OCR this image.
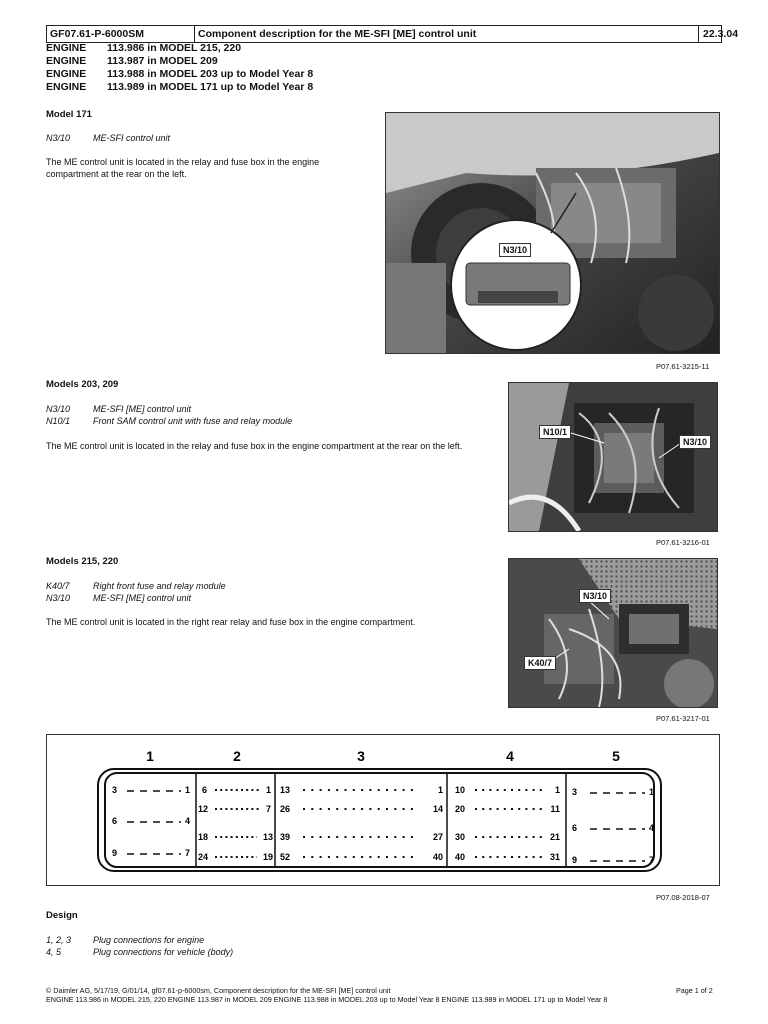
GF07.61-P-6000SM	Component description for the ME-SFI [ME] control unit	22.3.04
ENGINE 113.986 in MODEL 215, 220
ENGINE 113.987 in MODEL 209
ENGINE 113.988 in MODEL 203 up to Model Year 8
ENGINE 113.989 in MODEL 171 up to Model Year 8
Model 171
N3/10	ME-SFI control unit
The ME control unit is located in the relay and fuse box in the engine compartment at the rear on the left.
N3/10
P07.61-3215-11
Models 203, 209
N3/10	ME-SFI [ME] control unit
N10/1	Front SAM control unit with fuse and relay module
The ME control unit is located in the relay and fuse box in the engine compartment at the rear on the left.
N10/1
N3/10
P07.61-3216-01
Models 215, 220
K40/7	Right front fuse and relay module
N3/10	ME-SFI [ME] control unit
The ME control unit is located in the right rear relay and fuse box in the engine compartment.
N3/10
K40/7
P07.61-3217-01
1	2	3	4	5
3	1
6	4
9	7
6	1
12	7
18	13
24	19
13	1
26	14
39	27
52	40
10	1
20	11
30	21
40	31
3	1
6	4
9	7
P07.08-2018-07
Design
1, 2, 3 Plug connections for engine
4, 5	Plug connections for vehicle (body)
© Daimler AG, 5/17/19, G/01/14, gf07.61-p-6000sm, Component description for the ME-SFI [ME] control unit	Page 1 of 2
ENGINE 113.986 in MODEL 215, 220 ENGINE 113.987 in MODEL 209 ENGINE 113.988 in MODEL 203 up to Model Year 8 ENGINE 113.989 in MODEL 171 up to Model Year 8
